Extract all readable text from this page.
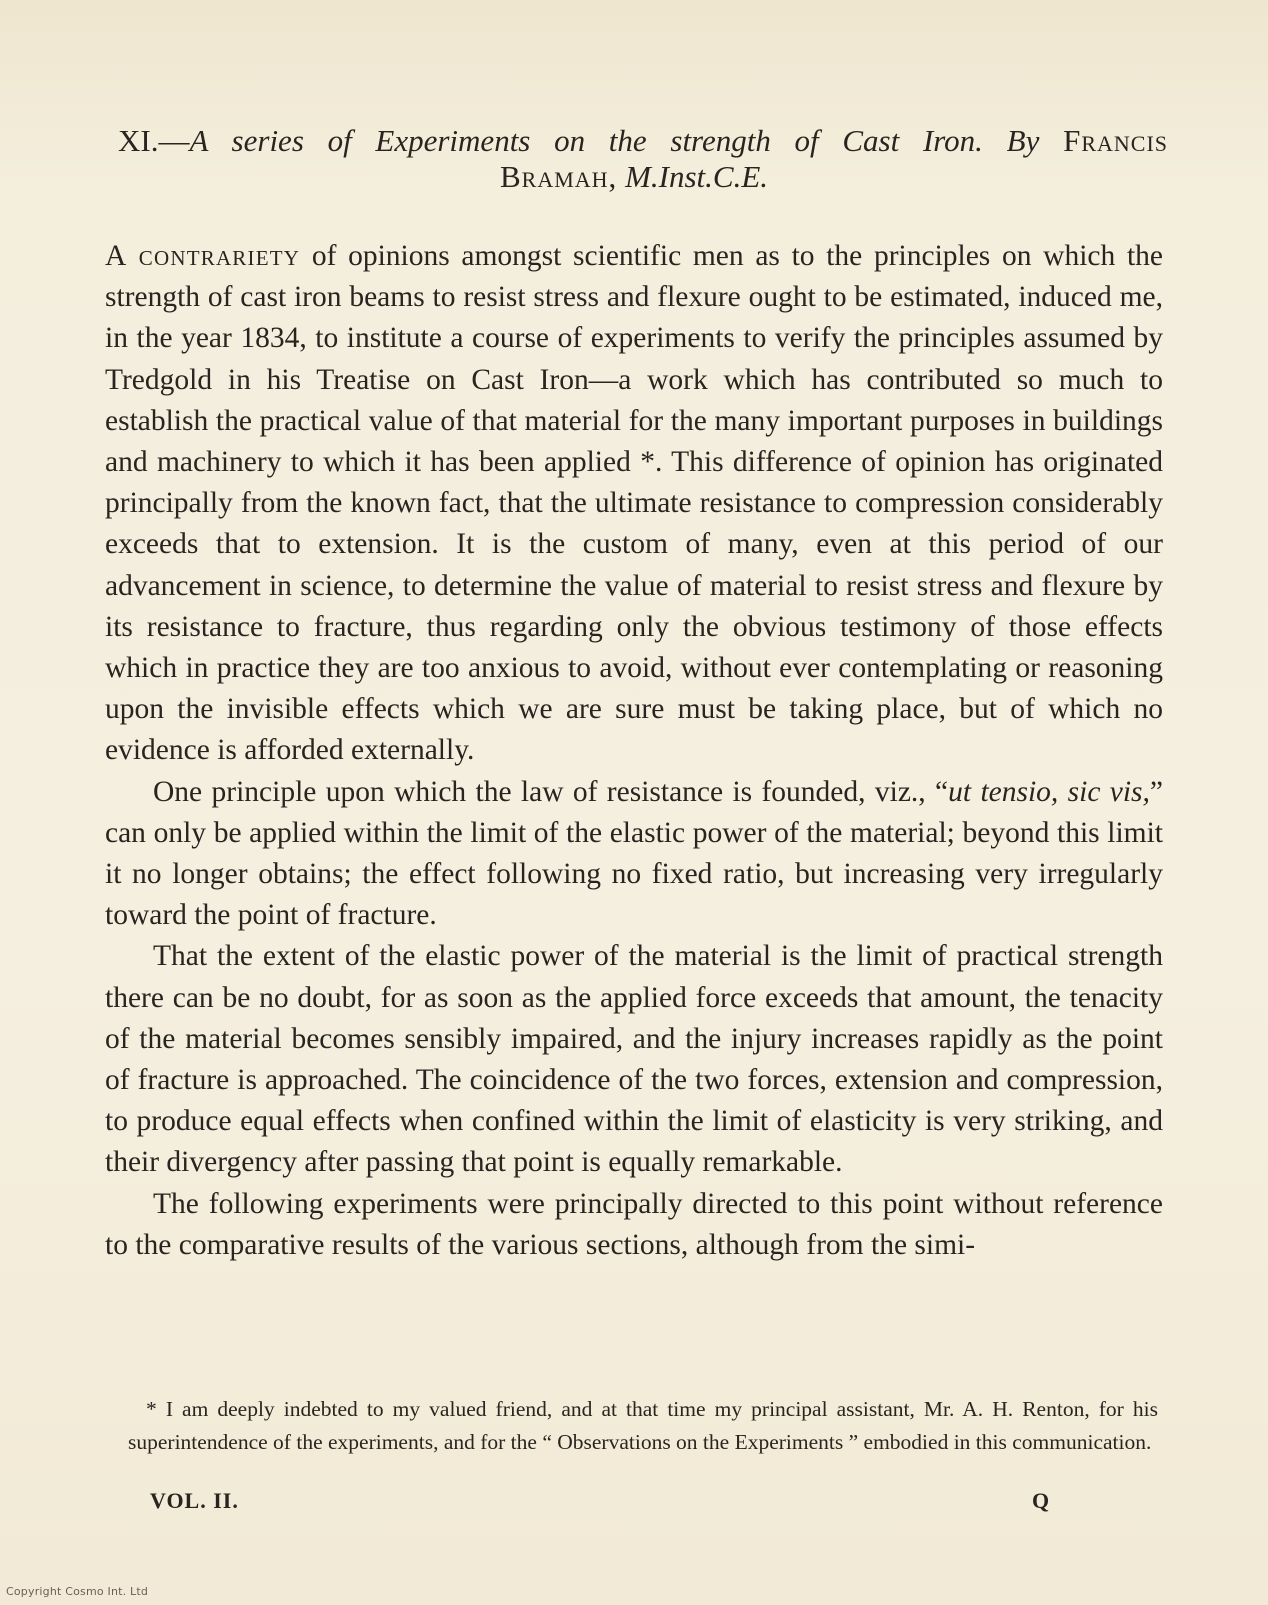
XI.—A series of Experiments on the strength of Cast Iron. By Francis
Bramah, M.Inst.C.E.

A contrariety of opinions amongst scientific men as to the principles on which the strength of cast iron beams to resist stress and flexure ought to be estimated, induced me, in the year 1834, to institute a course of experiments to verify the principles assumed by Tredgold in his Treatise on Cast Iron—a work which has contributed so much to establish the practical value of that material for the many important purposes in buildings and machinery to which it has been applied *. This difference of opinion has originated principally from the known fact, that the ultimate resistance to compression considerably exceeds that to extension. It is the custom of many, even at this period of our advancement in science, to determine the value of material to resist stress and flexure by its resistance to fracture, thus regarding only the obvious testimony of those effects which in practice they are too anxious to avoid, without ever contemplating or reasoning upon the invisible effects which we are sure must be taking place, but of which no evidence is afforded externally.

One principle upon which the law of resistance is founded, viz., “ut tensio, sic vis,” can only be applied within the limit of the elastic power of the material; beyond this limit it no longer obtains; the effect following no fixed ratio, but increasing very irregularly toward the point of fracture.

That the extent of the elastic power of the material is the limit of practical strength there can be no doubt, for as soon as the applied force exceeds that amount, the tenacity of the material becomes sensibly impaired, and the injury increases rapidly as the point of fracture is approached. The coincidence of the two forces, extension and compression, to produce equal effects when confined within the limit of elasticity is very striking, and their divergency after passing that point is equally remarkable.

The following experiments were principally directed to this point without reference to the comparative results of the various sections, although from the simi-

* I am deeply indebted to my valued friend, and at that time my principal assistant, Mr. A. H. Renton, for his superintendence of the experiments, and for the “ Observations on the Experiments ” embodied in this communication.
VOL. II.	Q
Copyright Cosmo Int. Ltd
